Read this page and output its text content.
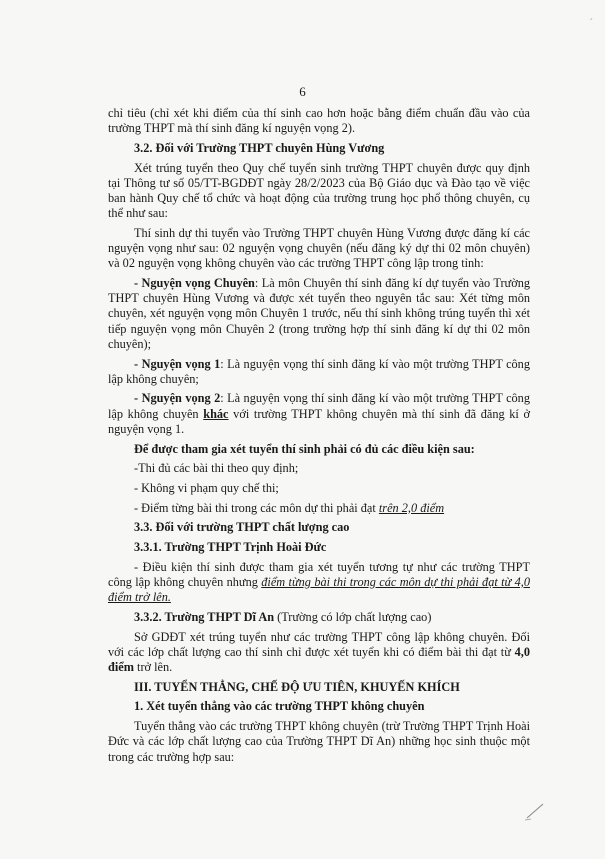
ˊ
6

chỉ tiêu (chỉ xét khi điểm của thí sinh cao hơn hoặc bằng điểm chuẩn đầu vào của trường THPT mà thí sinh đăng kí nguyện vọng 2).

3.2. Đối với Trường THPT chuyên Hùng Vương

Xét trúng tuyển theo Quy chế tuyển sinh trường THPT chuyên được quy định tại Thông tư số 05/TT-BGDĐT ngày 28/2/2023 của Bộ Giáo dục và Đào tạo về việc ban hành Quy chế tổ chức và hoạt động của trường trung học phổ thông chuyên, cụ thể như sau:

Thí sinh dự thi tuyển vào Trường THPT chuyên Hùng Vương được đăng kí các nguyện vọng như sau: 02 nguyện vọng chuyên (nếu đăng ký dự thi 02 môn chuyên) và 02 nguyện vọng không chuyên vào các trường THPT công lập trong tỉnh:

- Nguyện vọng Chuyên: Là môn Chuyên thí sinh đăng kí dự tuyển vào Trường THPT chuyên Hùng Vương và được xét tuyển theo nguyên tắc sau: Xét từng môn chuyên, xét nguyện vọng môn Chuyên 1 trước, nếu thí sinh không trúng tuyển thì xét tiếp nguyện vọng môn Chuyên 2 (trong trường hợp thí sinh đăng kí dự thi 02 môn chuyên);

- Nguyện vọng 1: Là nguyện vọng thí sinh đăng kí vào một trường THPT công lập không chuyên;

- Nguyện vọng 2: Là nguyện vọng thí sinh đăng kí vào một trường THPT công lập không chuyên khác với trường THPT không chuyên mà thí sinh đã đăng kí ở nguyện vọng 1.

Để được tham gia xét tuyển thí sinh phải có đủ các điều kiện sau:

-Thi đủ các bài thi theo quy định;

- Không vi phạm quy chế thi;

- Điểm từng bài thi trong các môn dự thi phải đạt trên 2,0 điểm

3.3. Đối với trường THPT chất lượng cao

3.3.1. Trường THPT Trịnh Hoài Đức

- Điều kiện thí sinh được tham gia xét tuyển tương tự như các trường THPT công lập không chuyên nhưng điểm từng bài thi trong các môn dự thi phải đạt từ 4,0 điểm trở lên.

3.3.2. Trường THPT Dĩ An (Trường có lớp chất lượng cao)

Sở GDĐT xét trúng tuyển như các trường THPT công lập không chuyên. Đối với các lớp chất lượng cao thí sinh chỉ được xét tuyển khi có điểm bài thi đạt từ 4,0 điểm trở lên.

III. TUYỂN THẲNG, CHẾ ĐỘ ƯU TIÊN, KHUYẾN KHÍCH

1. Xét tuyển thẳng vào các trường THPT không chuyên

Tuyển thẳng vào các trường THPT không chuyên (trừ Trường THPT Trịnh Hoài Đức và các lớp chất lượng cao của Trường THPT Dĩ An) những học sinh thuộc một trong các trường hợp sau:
